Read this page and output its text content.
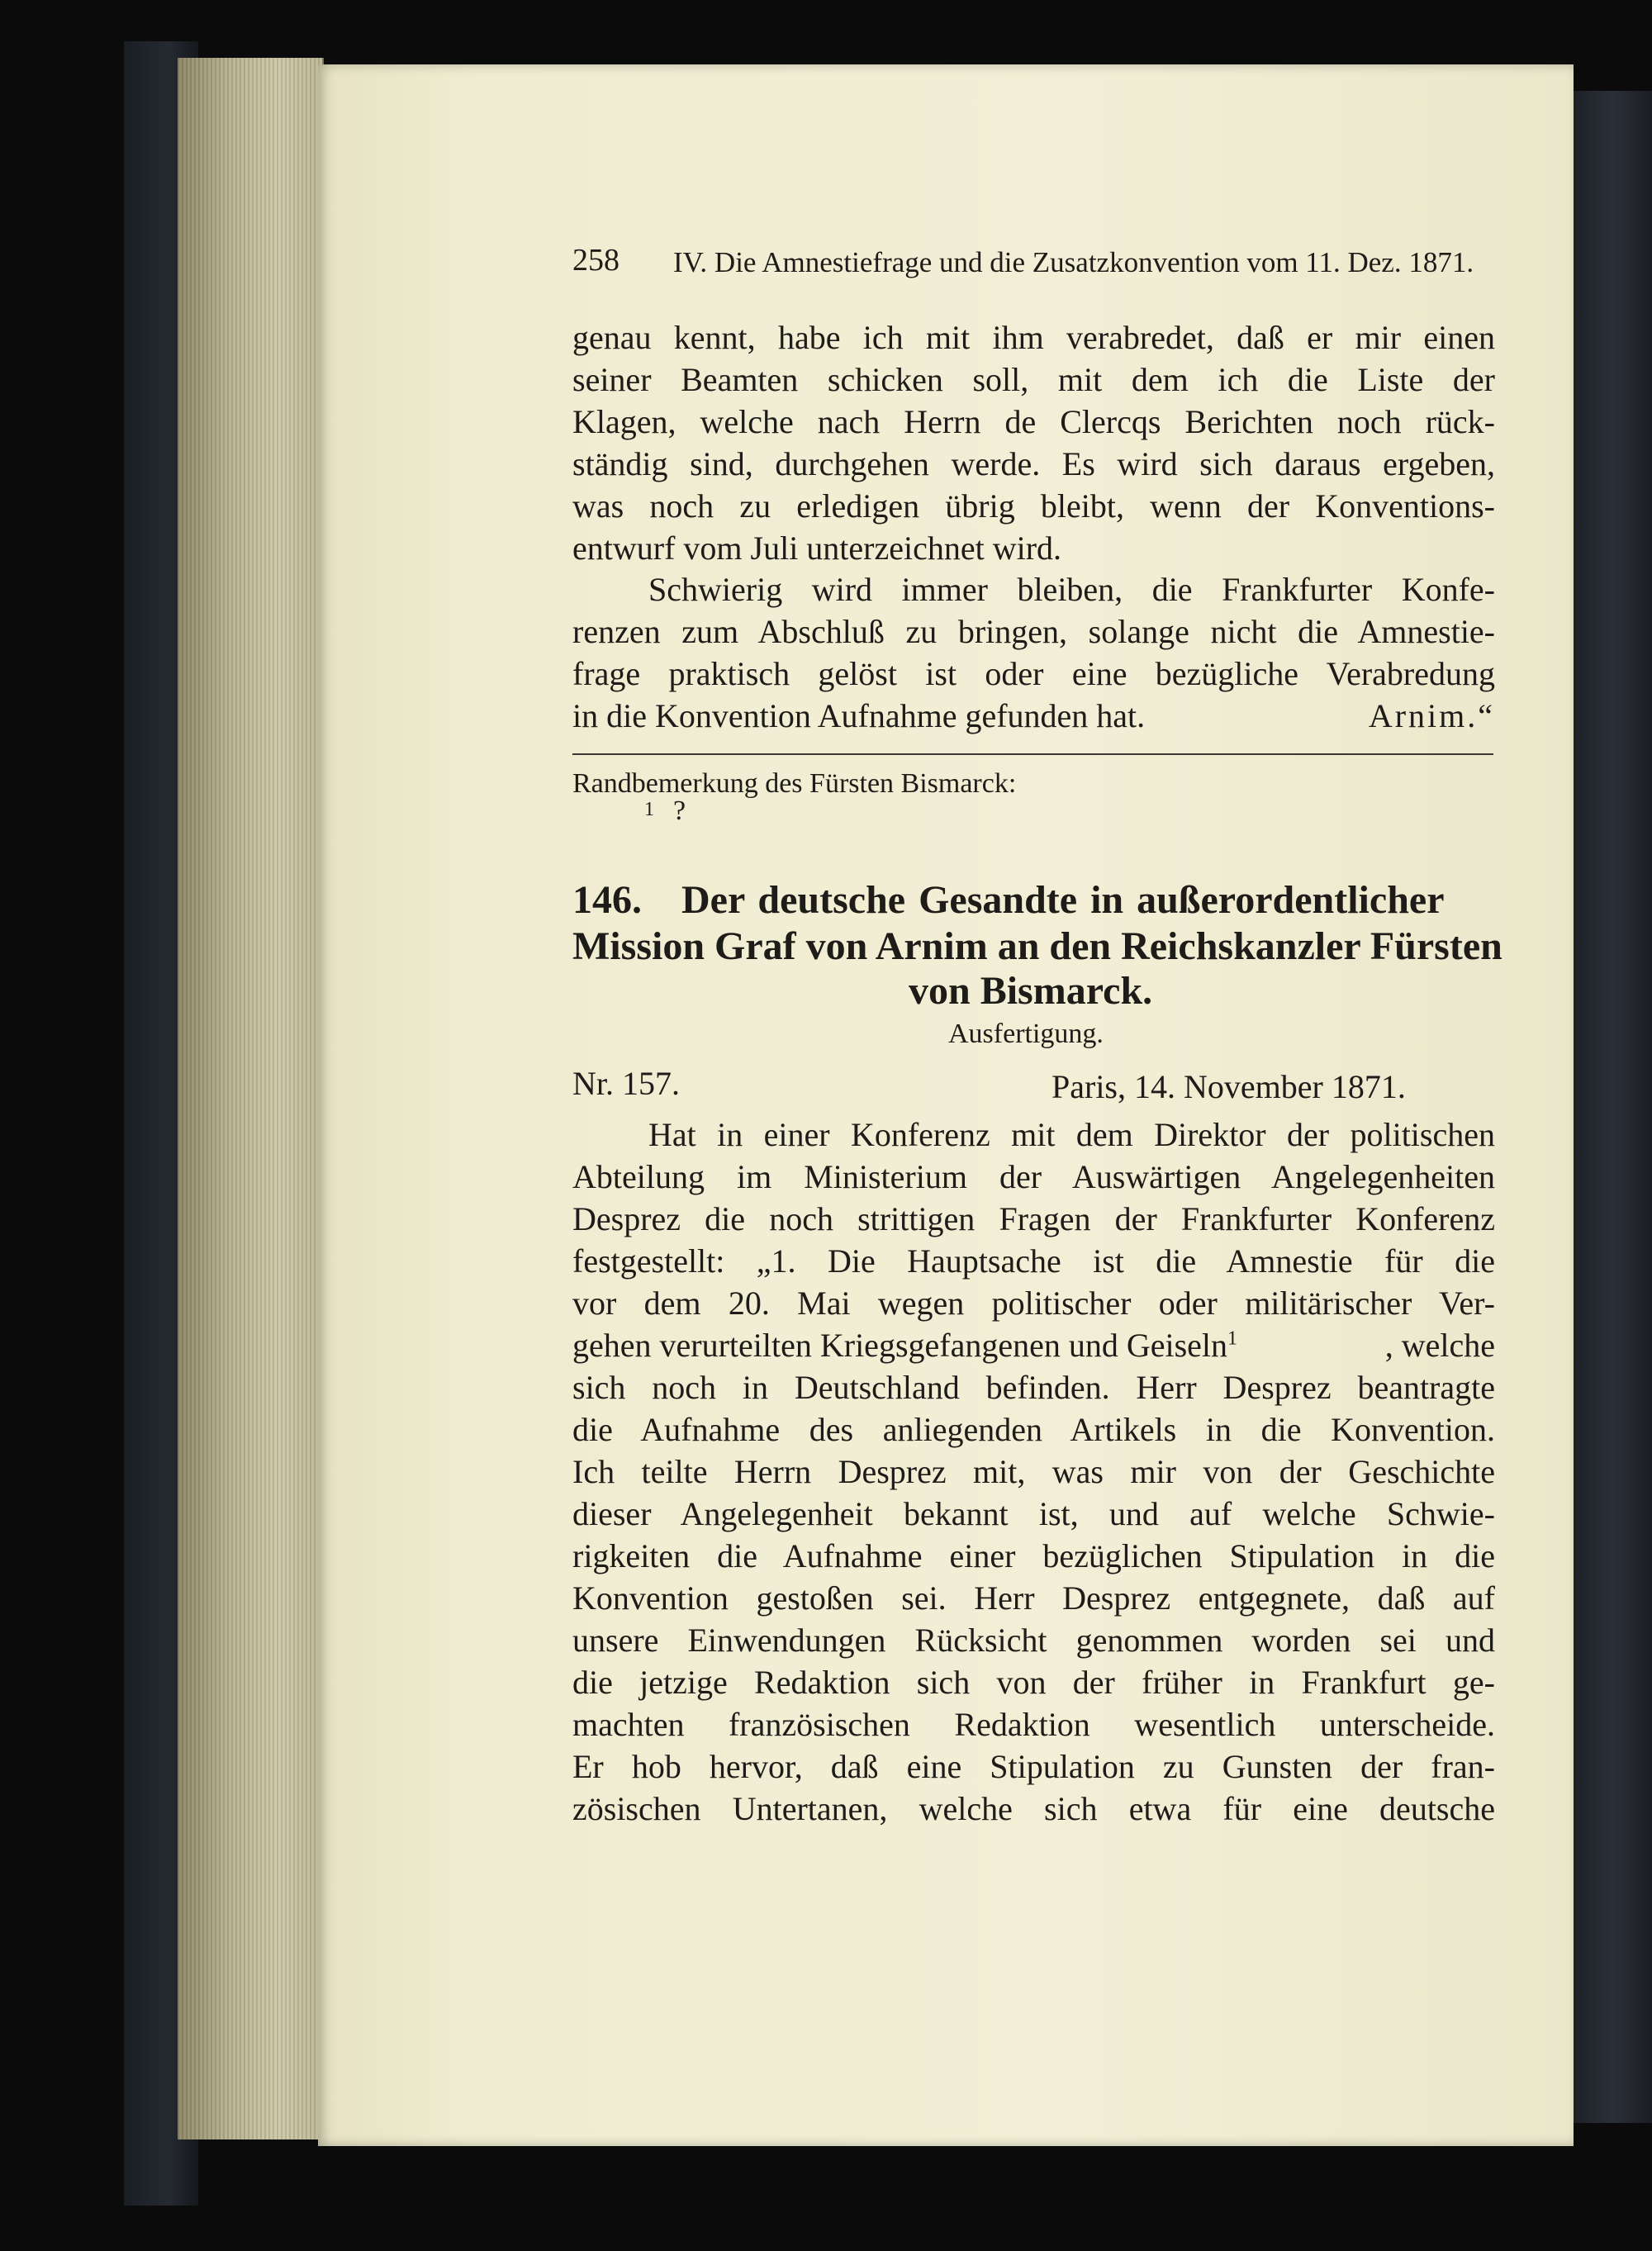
258 IV. Die Amnestiefrage und die Zusatzkonvention vom 11. Dez. 1871.
genau kennt, habe ich mit ihm verabredet, daß er mir einen
seiner Beamten schicken soll, mit dem ich die Liste der
Klagen, welche nach Herrn de Clercqs Berichten noch rück-
ständig sind, durchgehen werde. Es wird sich daraus ergeben,
was noch zu erledigen übrig bleibt, wenn der Konventions-
entwurf vom Juli unterzeichnet wird.
Schwierig wird immer bleiben, die Frankfurter Konfe-
renzen zum Abschluß zu bringen, solange nicht die Amnestie-
frage praktisch gelöst ist oder eine bezügliche Verabredung
in die Konvention Aufnahme gefunden hat.	Arnim.“
Randbemerkung des Fürsten Bismarck:
1 ?
146. Der deutsche Gesandte in außerordentlicher
Mission Graf von Arnim an den Reichskanzler Fürsten
von Bismarck.
Ausfertigung.
Nr. 157.	Paris, 14. November 1871.
Hat in einer Konferenz mit dem Direktor der politischen
Abteilung im Ministerium der Auswärtigen Angelegenheiten
Desprez die noch strittigen Fragen der Frankfurter Konferenz
festgestellt: „1. Die Hauptsache ist die Amnestie für die
vor dem 20. Mai wegen politischer oder militärischer Ver-
gehen verurteilten Kriegsgefangenen und Geiseln$^1$	, welche
sich noch in Deutschland befinden. Herr Desprez beantragte
die Aufnahme des anliegenden Artikels in die Konvention.
Ich teilte Herrn Desprez mit, was mir von der Geschichte
dieser Angelegenheit bekannt ist, und auf welche Schwie-
rigkeiten die Aufnahme einer bezüglichen Stipulation in die
Konvention gestoßen sei. Herr Desprez entgegnete, daß auf
unsere Einwendungen Rücksicht genommen worden sei und
die jetzige Redaktion sich von der früher in Frankfurt ge-
machten französischen Redaktion wesentlich unterscheide.
Er hob hervor, daß eine Stipulation zu Gunsten der fran-
zösischen Untertanen, welche sich etwa für eine deutsche
